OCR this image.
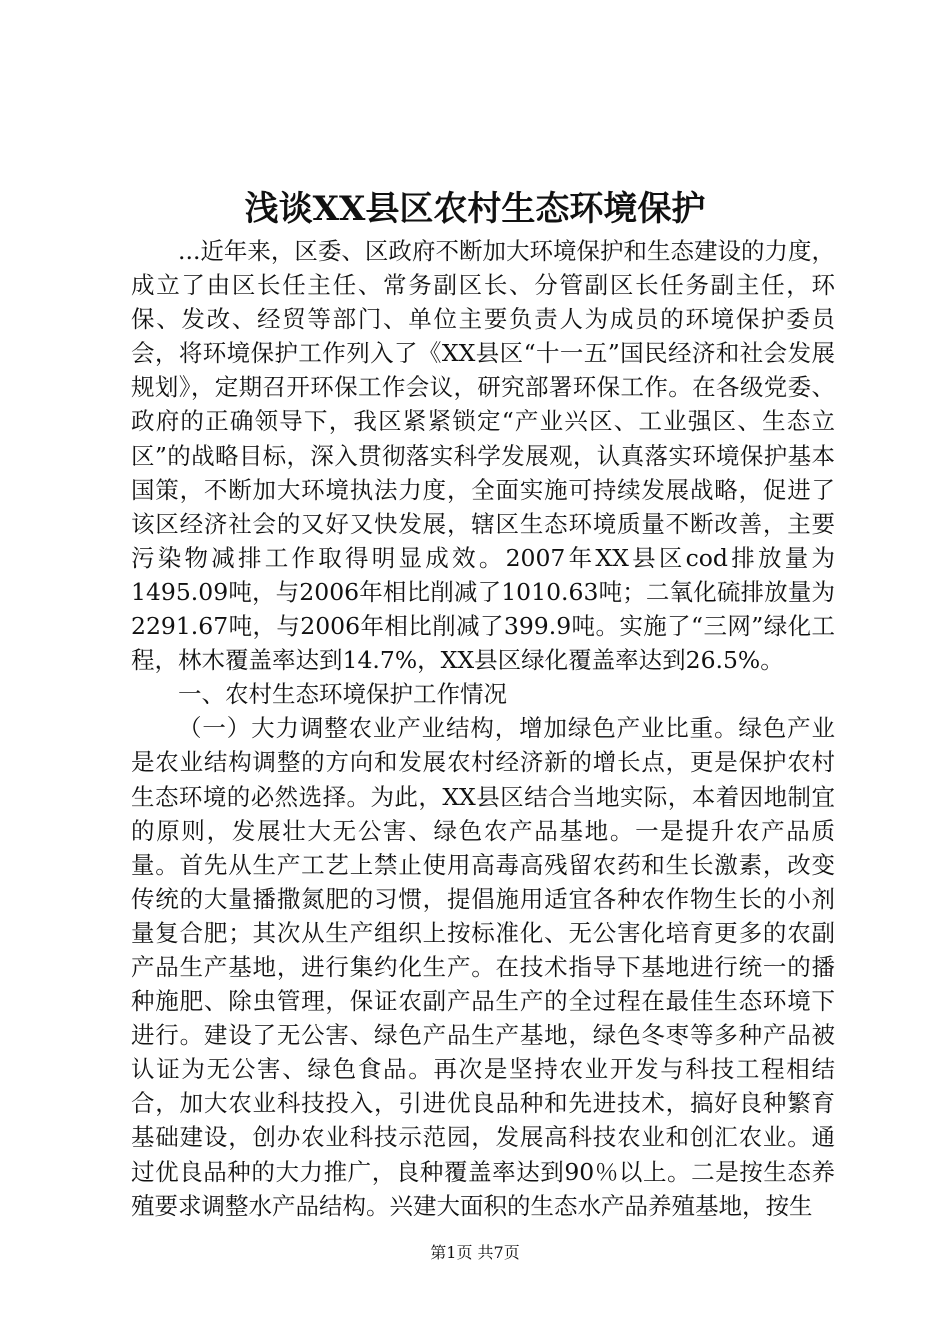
浅谈XX县区农村生态环境保护

...近年来，区委、区政府不断加大环境保护和生态建设的力度，成立了由区长任主任、常务副区长、分管副区长任务副主任，环保、发改、经贸等部门、单位主要负责人为成员的环境保护委员会，将环境保护工作列入了《XX县区“十一五”国民经济和社会发展规划》，定期召开环保工作会议，研究部署环保工作。在各级党委、政府的正确领导下，我区紧紧锁定“产业兴区、工业强区、生态立区”的战略目标，深入贯彻落实科学发展观，认真落实环境保护基本国策，不断加大环境执法力度，全面实施可持续发展战略，促进了该区经济社会的又好又快发展，辖区生态环境质量不断改善，主要污染物减排工作取得明显成效。2007年XX县区cod排放量为1495.09吨，与2006年相比削减了1010.63吨；二氧化硫排放量为2291.67吨，与2006年相比削减了399.9吨。实施了“三网”绿化工程，林木覆盖率达到14.7%，XX县区绿化覆盖率达到26.5%。

一、农村生态环境保护工作情况

（一）大力调整农业产业结构，增加绿色产业比重。绿色产业是农业结构调整的方向和发展农村经济新的增长点，更是保护农村生态环境的必然选择。为此，XX县区结合当地实际，本着因地制宜的原则，发展壮大无公害、绿色农产品基地。一是提升农产品质量。首先从生产工艺上禁止使用高毒高残留农药和生长激素，改变传统的大量播撒氮肥的习惯，提倡施用适宜各种农作物生长的小剂量复合肥；其次从生产组织上按标准化、无公害化培育更多的农副产品生产基地，进行集约化生产。在技术指导下基地进行统一的播种施肥、除虫管理，保证农副产品生产的全过程在最佳生态环境下进行。建设了无公害、绿色产品生产基地，绿色冬枣等多种产品被认证为无公害、绿色食品。再次是坚持农业开发与科技工程相结合，加大农业科技投入，引进优良品种和先进技术，搞好良种繁育基础建设，创办农业科技示范园，发展高科技农业和创汇农业。通过优良品种的大力推广，良种覆盖率达到90％以上。二是按生态养殖要求调整水产品结构。兴建大面积的生态水产品养殖基地，按生

第1页 共7页
